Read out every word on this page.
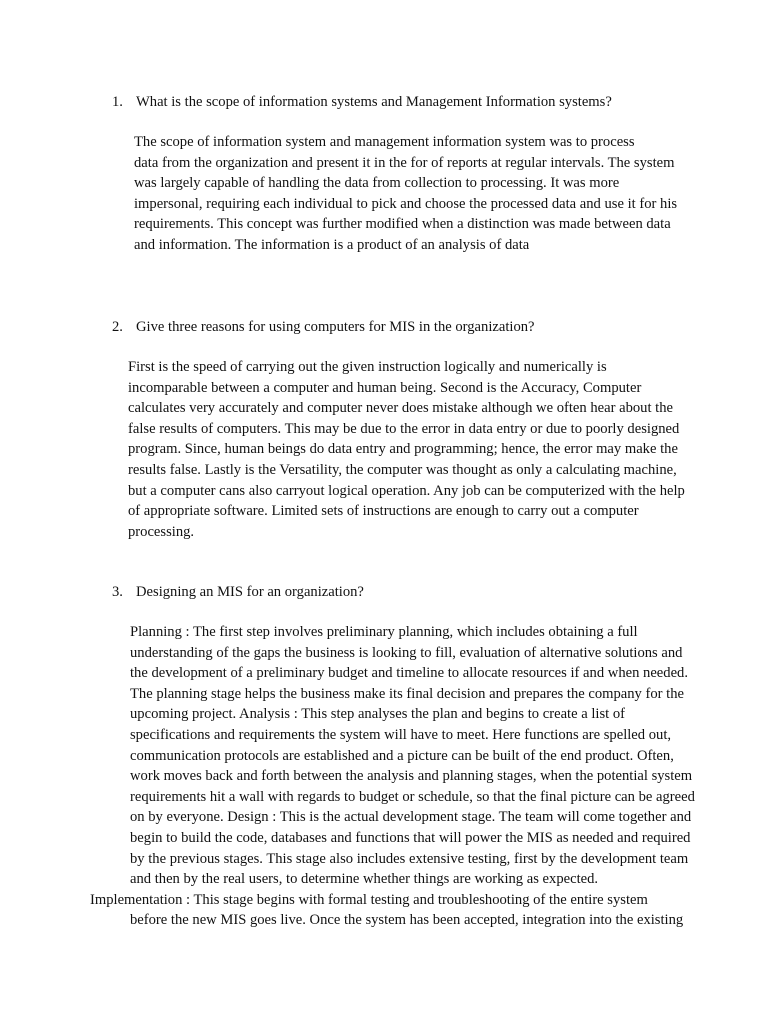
1. What is the scope of information systems and Management Information systems?

The scope of information system and management information system was to process
data from the organization and present it in the for of reports at regular intervals. The system
was largely capable of handling the data from collection to processing. It was more
impersonal, requiring each individual to pick and choose the processed data and use it for his
requirements. This concept was further modified when a distinction was made between data
and information. The information is a product of an analysis of data

2. Give three reasons for using computers for MIS in the organization?

First is the speed of carrying out the given instruction logically and numerically is
incomparable between a computer and human being. Second is the Accuracy, Computer
calculates very accurately and computer never does mistake although we often hear about the
false results of computers. This may be due to the error in data entry or due to poorly designed
program. Since, human beings do data entry and programming; hence, the error may make the
results false. Lastly is the Versatility, the computer was thought as only a calculating machine,
but a computer cans also carryout logical operation. Any job can be computerized with the help
of appropriate software. Limited sets of instructions are enough to carry out a computer
processing.

3. Designing an MIS for an organization?

Planning : The first step involves preliminary planning, which includes obtaining a full
understanding of the gaps the business is looking to fill, evaluation of alternative solutions and
the development of a preliminary budget and timeline to allocate resources if and when needed.
The planning stage helps the business make its final decision and prepares the company for the
upcoming project. Analysis : This step analyses the plan and begins to create a list of
specifications and requirements the system will have to meet. Here functions are spelled out,
communication protocols are established and a picture can be built of the end product. Often,
work moves back and forth between the analysis and planning stages, when the potential system
requirements hit a wall with regards to budget or schedule, so that the final picture can be agreed
on by everyone. Design : This is the actual development stage. The team will come together and
begin to build the code, databases and functions that will power the MIS as needed and required
by the previous stages. This stage also includes extensive testing, first by the development team
and then by the real users, to determine whether things are working as expected.
Implementation : This stage begins with formal testing and troubleshooting of the entire system
before the new MIS goes live. Once the system has been accepted, integration into the existing
